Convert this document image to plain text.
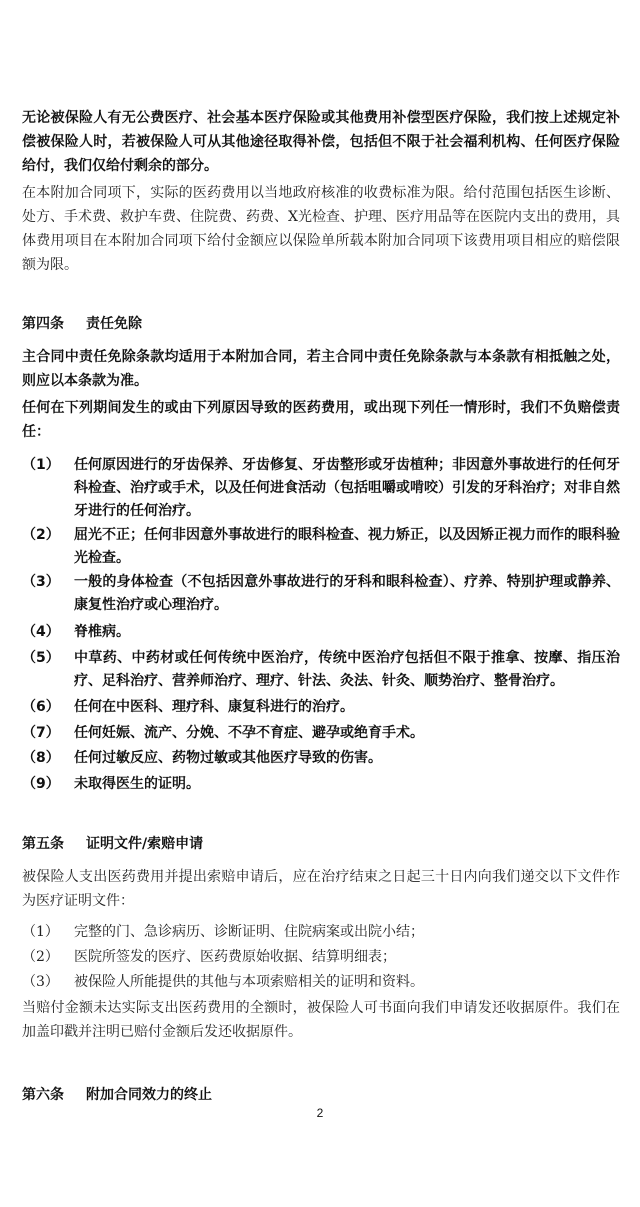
无论被保险人有无公费医疗、社会基本医疗保险或其他费用补偿型医疗保险，我们按上述规定补偿被保险人时，若被保险人可从其他途径取得补偿，包括但不限于社会福利机构、任何医疗保险给付，我们仅给付剩余的部分。

在本附加合同项下，实际的医药费用以当地政府核准的收费标准为限。给付范围包括医生诊断、处方、手术费、救护车费、住院费、药费、X光检查、护理、医疗用品等在医院内支出的费用，具体费用项目在本附加合同项下给付金额应以保险单所载本附加合同项下该费用项目相应的赔偿限额为限。

第四条 责任免除

主合同中责任免除条款均适用于本附加合同，若主合同中责任免除条款与本条款有相抵触之处，则应以本条款为准。

任何在下列期间发生的或由下列原因导致的医药费用，或出现下列任一情形时，我们不负赔偿责任：

（1）	任何原因进行的牙齿保养、牙齿修复、牙齿整形或牙齿植种；非因意外事故进行的任何牙科检查、治疗或手术，以及任何进食活动（包括咀嚼或啃咬）引发的牙科治疗；对非自然牙进行的任何治疗。
（2）	屈光不正；任何非因意外事故进行的眼科检查、视力矫正，以及因矫正视力而作的眼科验光检查。
（3）	一般的身体检查（不包括因意外事故进行的牙科和眼科检查）、疗养、特别护理或静养、康复性治疗或心理治疗。
（4）	脊椎病。
（5）	中草药、中药材或任何传统中医治疗，传统中医治疗包括但不限于推拿、按摩、指压治疗、足科治疗、营养师治疗、理疗、针法、灸法、针灸、顺势治疗、整骨治疗。
（6）	任何在中医科、理疗科、康复科进行的治疗。
（7）	任何妊娠、流产、分娩、不孕不育症、避孕或绝育手术。
（8）	任何过敏反应、药物过敏或其他医疗导致的伤害。
（9）	未取得医生的证明。
第五条 证明文件/索赔申请

被保险人支出医药费用并提出索赔申请后，应在治疗结束之日起三十日内向我们递交以下文件作为医疗证明文件：

（1）	完整的门、急诊病历、诊断证明、住院病案或出院小结；
（2）	医院所签发的医疗、医药费原始收据、结算明细表；
（3）	被保险人所能提供的其他与本项索赔相关的证明和资料。

当赔付金额未达实际支出医药费用的全额时，被保险人可书面向我们申请发还收据原件。我们在加盖印戳并注明已赔付金额后发还收据原件。

第六条 附加合同效力的终止
2
